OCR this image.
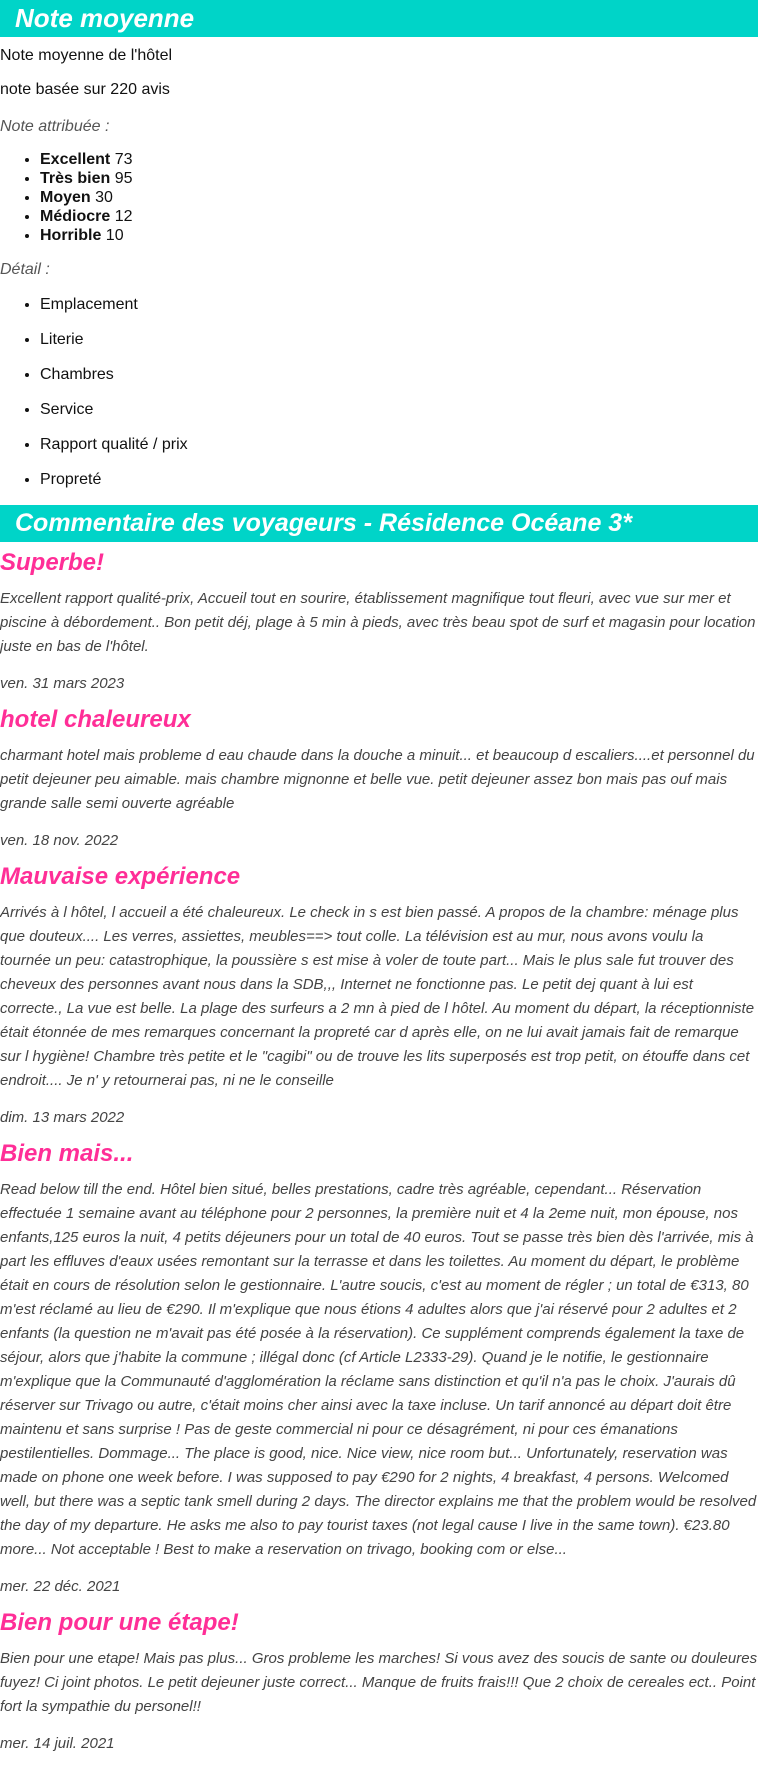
Note moyenne

Note moyenne de l'hôtel

note basée sur 220 avis

Note attribuée :

• Excellent 73
• Très bien 95
• Moyen 30
• Médiocre 12
• Horrible 10

Détail :

• Emplacement
• Literie
• Chambres
• Service
• Rapport qualité / prix
• Propreté
Commentaire des voyageurs - Résidence Océane 3*
Superbe!

Excellent rapport qualité-prix, Accueil tout en sourire, établissement magnifique tout fleuri, avec vue sur mer et piscine à débordement.. Bon petit déj, plage à 5 min à pieds, avec très beau spot de surf et magasin pour location juste en bas de l'hôtel.

ven. 31 mars 2023

hotel chaleureux

charmant hotel mais probleme d eau chaude dans la douche a minuit... et beaucoup d escaliers....et personnel du petit dejeuner peu aimable. mais chambre mignonne et belle vue. petit dejeuner assez bon mais pas ouf mais grande salle semi ouverte agréable

ven. 18 nov. 2022

Mauvaise expérience

Arrivés à l hôtel, l accueil a été chaleureux. Le check in s est bien passé. A propos de la chambre: ménage plus que douteux.... Les verres, assiettes, meubles==> tout colle. La télévision est au mur, nous avons voulu la tournée un peu: catastrophique, la poussière s est mise à voler de toute part... Mais le plus sale fut trouver des cheveux des personnes avant nous dans la SDB,,, Internet ne fonctionne pas. Le petit dej quant à lui est correcte., La vue est belle. La plage des surfeurs a 2 mn à pied de l hôtel. Au moment du départ, la réceptionniste était étonnée de mes remarques concernant la propreté car d après elle, on ne lui avait jamais fait de remarque sur l hygiène! Chambre très petite et le "cagibi" ou de trouve les lits superposés est trop petit, on étouffe dans cet endroit.... Je n' y retournerai pas, ni ne le conseille

dim. 13 mars 2022

Bien mais...

Read below till the end. Hôtel bien situé, belles prestations, cadre très agréable, cependant... Réservation effectuée 1 semaine avant au téléphone pour 2 personnes, la première nuit et 4 la 2eme nuit, mon épouse, nos enfants,125 euros la nuit, 4 petits déjeuners pour un total de 40 euros. Tout se passe très bien dès l'arrivée, mis à part les effluves d'eaux usées remontant sur la terrasse et dans les toilettes. Au moment du départ, le problème était en cours de résolution selon le gestionnaire. L'autre soucis, c'est au moment de régler ; un total de €313, 80 m'est réclamé au lieu de €290. Il m'explique que nous étions 4 adultes alors que j'ai réservé pour 2 adultes et 2 enfants (la question ne m'avait pas été posée à la réservation). Ce supplément comprends également la taxe de séjour, alors que j'habite la commune ; illégal donc (cf Article L2333-29). Quand je le notifie, le gestionnaire m'explique que la Communauté d'agglomération la réclame sans distinction et qu'il n'a pas le choix. J'aurais dû réserver sur Trivago ou autre, c'était moins cher ainsi avec la taxe incluse. Un tarif annoncé au départ doit être maintenu et sans surprise ! Pas de geste commercial ni pour ce désagrément, ni pour ces émanations pestilentielles. Dommage... The place is good, nice. Nice view, nice room but... Unfortunately, reservation was made on phone one week before. I was supposed to pay €290 for 2 nights, 4 breakfast, 4 persons. Welcomed well, but there was a septic tank smell during 2 days. The director explains me that the problem would be resolved the day of my departure. He asks me also to pay tourist taxes (not legal cause I live in the same town). €23.80 more... Not acceptable ! Best to make a reservation on trivago, booking com or else...

mer. 22 déc. 2021

Bien pour une étape!

Bien pour une etape! Mais pas plus... Gros probleme les marches! Si vous avez des soucis de sante ou douleures fuyez! Ci joint photos. Le petit dejeuner juste correct... Manque de fruits frais!!! Que 2 choix de cereales ect.. Point fort la sympathie du personel!!

mer. 14 juil. 2021
